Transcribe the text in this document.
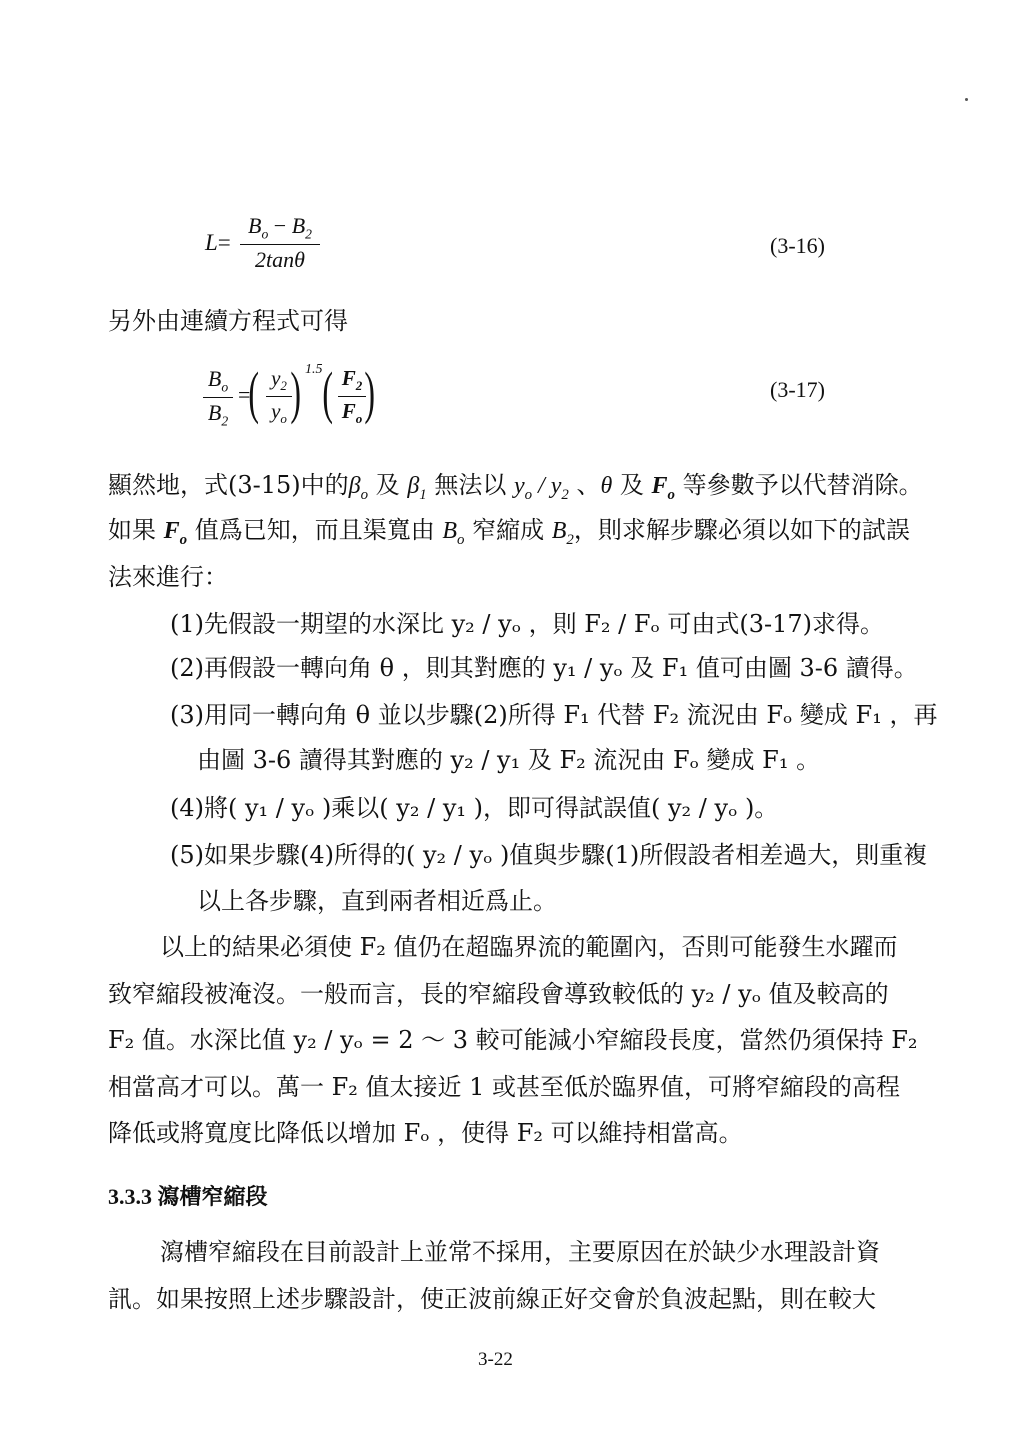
L=
$B_o - B_2$
2tanθ
(3-16)
另外由連續方程式可得
$B_o$
$B_2$
=
( $y_2$
$y_o$ ) 1.5 ( $F_2$
$F_o$ )	(3-17)
顯然地，式(3-15)中的$\beta_o$ 及 $\beta_1$ 無法以 $y_o / y_2$ 、θ 及 $F_o$ 等參數予以代替消除。
如果 $F_o$ 值爲已知，而且渠寬由 $B_o$ 窄縮成 $B_2$，則求解步驟必須以如下的試誤
法來進行：
(1)先假設一期望的水深比 y₂ / yₒ ，則 F₂ / Fₒ 可由式(3-17)求得。
(2)再假設一轉向角 θ ，則其對應的 y₁ / yₒ 及 F₁ 值可由圖 3-6 讀得。
(3)用同一轉向角 θ 並以步驟(2)所得 F₁ 代替 F₂ 流況由 Fₒ 變成 F₁ ，再
由圖 3-6 讀得其對應的 y₂ / y₁ 及 F₂ 流況由 Fₒ 變成 F₁ 。
(4)將( y₁ / yₒ )乘以( y₂ / y₁ )，即可得試誤值( y₂ / yₒ )。
(5)如果步驟(4)所得的( y₂ / yₒ )值與步驟(1)所假設者相差過大，則重複
以上各步驟，直到兩者相近爲止。
以上的結果必須使 F₂ 值仍在超臨界流的範圍內，否則可能發生水躍而
致窄縮段被淹沒。一般而言，長的窄縮段會導致較低的 y₂ / yₒ 值及較高的
F₂ 值。水深比值 y₂ / yₒ = 2 ～ 3 較可能減小窄縮段長度，當然仍須保持 F₂
相當高才可以。萬一 F₂ 值太接近 1 或甚至低於臨界值，可將窄縮段的高程
降低或將寬度比降低以增加 Fₒ ，使得 F₂ 可以維持相當高。
3.3.3 瀉槽窄縮段
瀉槽窄縮段在目前設計上並常不採用，主要原因在於缺少水理設計資
訊。如果按照上述步驟設計，使正波前線正好交會於負波起點，則在較大
3-22
